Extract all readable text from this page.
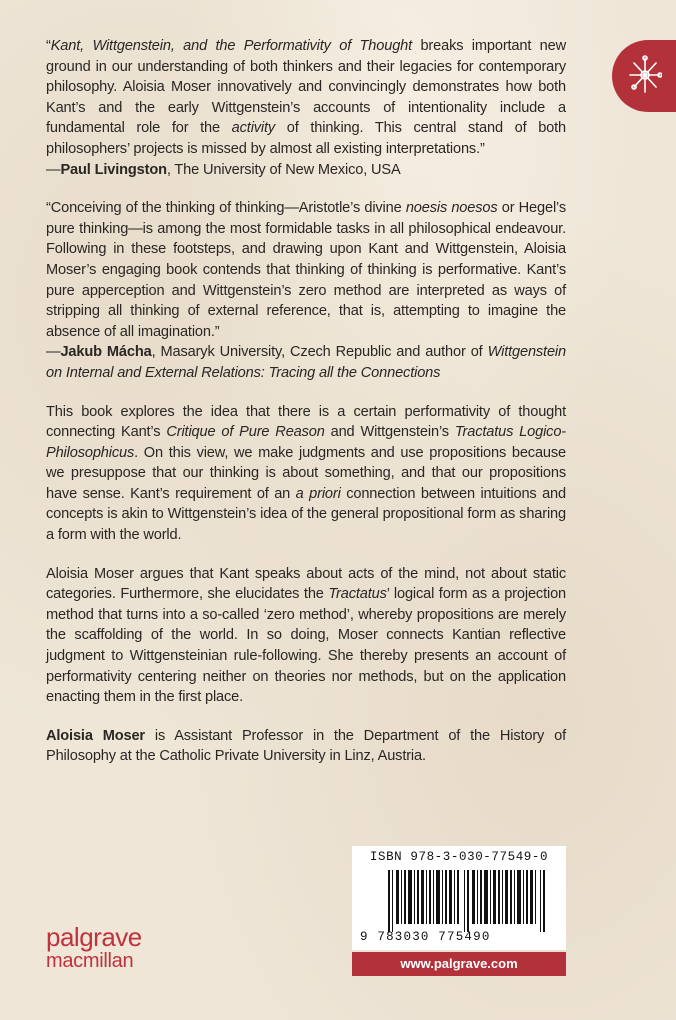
“Kant, Wittgenstein, and the Performativity of Thought breaks important new ground in our understanding of both thinkers and their legacies for contemporary philosophy. Aloisia Moser innovatively and convincingly demonstrates how both Kant’s and the early Wittgenstein’s accounts of intentionality include a fundamental role for the activity of thinking. This central stand of both philosophers’ projects is missed by almost all existing interpretations.”
—Paul Livingston, The University of New Mexico, USA

“Conceiving of the thinking of thinking—Aristotle’s divine noesis noesos or Hegel’s pure thinking—is among the most formidable tasks in all philosophical endeavour. Following in these footsteps, and drawing upon Kant and Wittgenstein, Aloisia Moser’s engaging book contends that thinking of thinking is performative. Kant’s pure apperception and Wittgenstein’s zero method are interpreted as ways of stripping all thinking of external reference, that is, attempting to imagine the absence of all imagination.”
—Jakub Mácha, Masaryk University, Czech Republic and author of Wittgenstein on Internal and External Relations: Tracing all the Connections

This book explores the idea that there is a certain performativity of thought connecting Kant’s Critique of Pure Reason and Wittgenstein’s Tractatus Logico-Philosophicus. On this view, we make judgments and use propositions because we presuppose that our thinking is about something, and that our propositions have sense. Kant’s requirement of an a priori connection between intuitions and concepts is akin to Wittgenstein’s idea of the general propositional form as sharing a form with the world.

Aloisia Moser argues that Kant speaks about acts of the mind, not about static categories. Furthermore, she elucidates the Tractatus’ logical form as a projection method that turns into a so-called ‘zero method’, whereby propositions are merely the scaffolding of the world. In so doing, Moser connects Kantian reflective judgment to Wittgensteinian rule-following. She thereby presents an account of performativity centering neither on theories nor methods, but on the application enacting them in the first place.

Aloisia Moser is Assistant Professor in the Department of the History of Philosophy at the Catholic Private University in Linz, Austria.

palgrave
macmillan
ISBN 978-3-030-77549-0
9 783030 775490
www.palgrave.com
